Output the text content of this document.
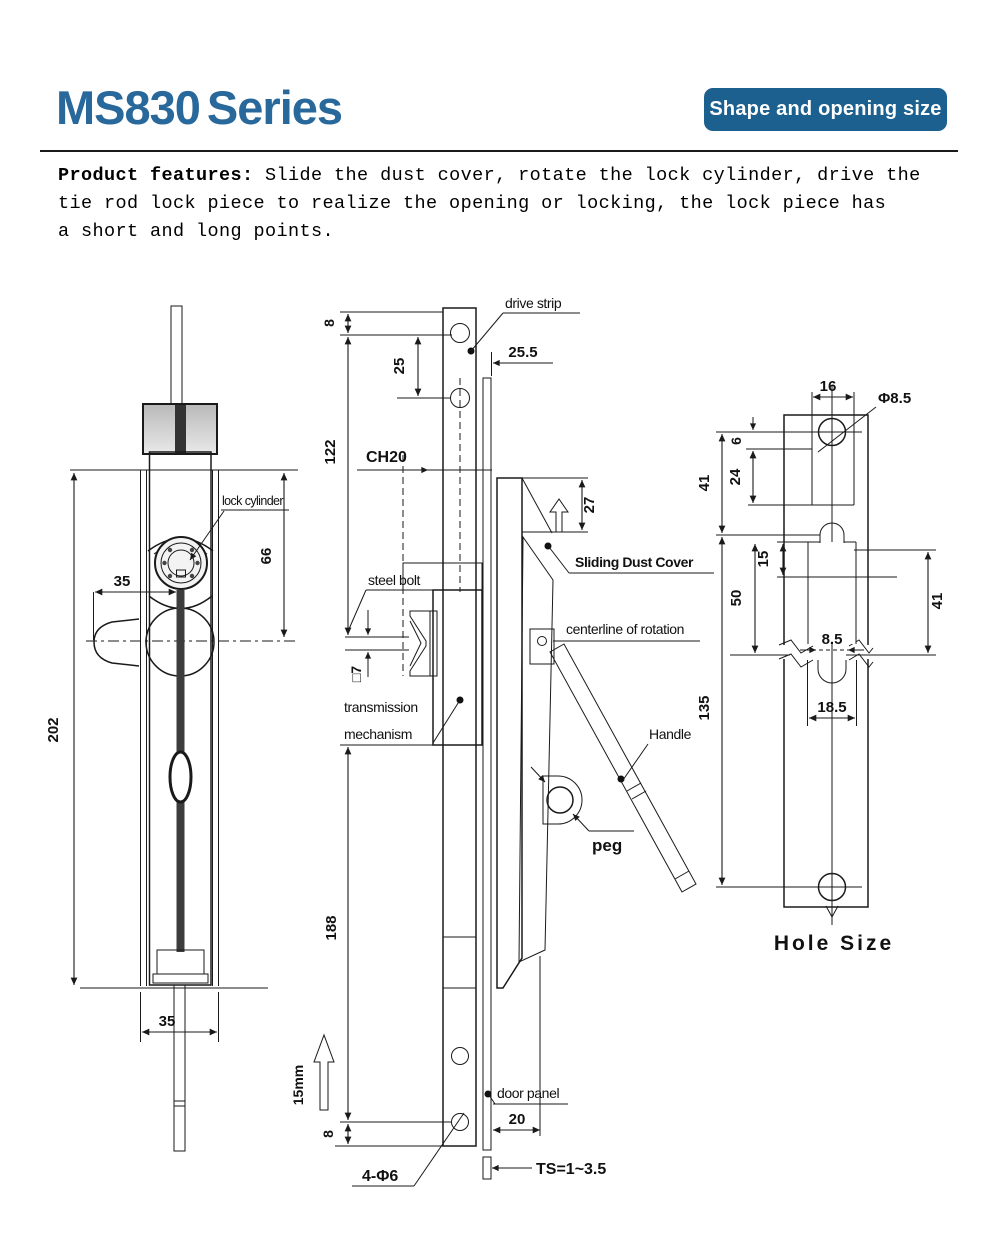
MS830 Series	Shape and opening size
Product features: Slide the dust cover, rotate the lock cylinder, drive the
tie rod lock piece to realize the opening or locking, the lock piece has
a short and long points.
lock cylinder
35
202
66
35
8
25
122
drive strip
CH20
25.5
27
Sliding Dust Cover
centerline of rotation
Handle
peg
transmission
mechanism
□7
steel bolt
188
8
15mm
4-Φ6
door panel
20
TS=1~3.5
8.5
16
Φ8.5
6
24
41
15
50	41
18.5
135
Hole Size
